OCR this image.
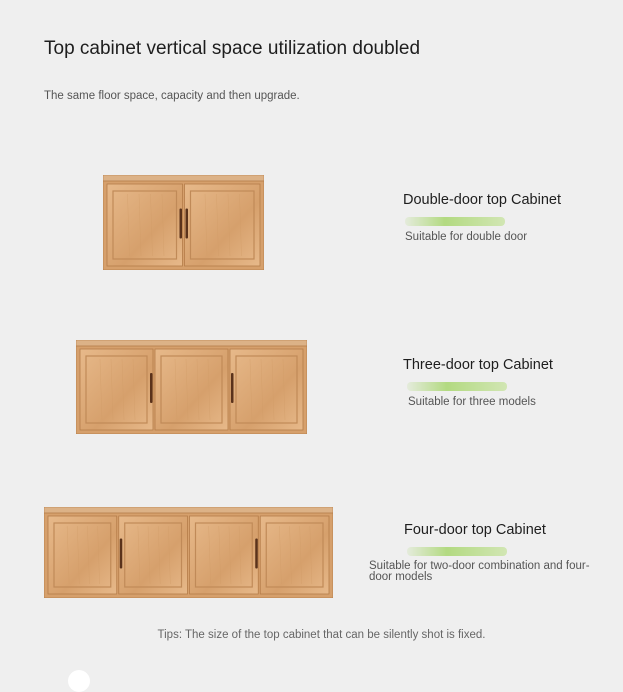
Top cabinet vertical space utilization doubled
The same floor space, capacity and then upgrade.
Double-door top Cabinet
Suitable for double door
Three-door top Cabinet
Suitable for three models
Four-door top Cabinet
Suitable for two-door combination and four-door models
Tips: The size of the top cabinet that can be silently shot is fixed.
